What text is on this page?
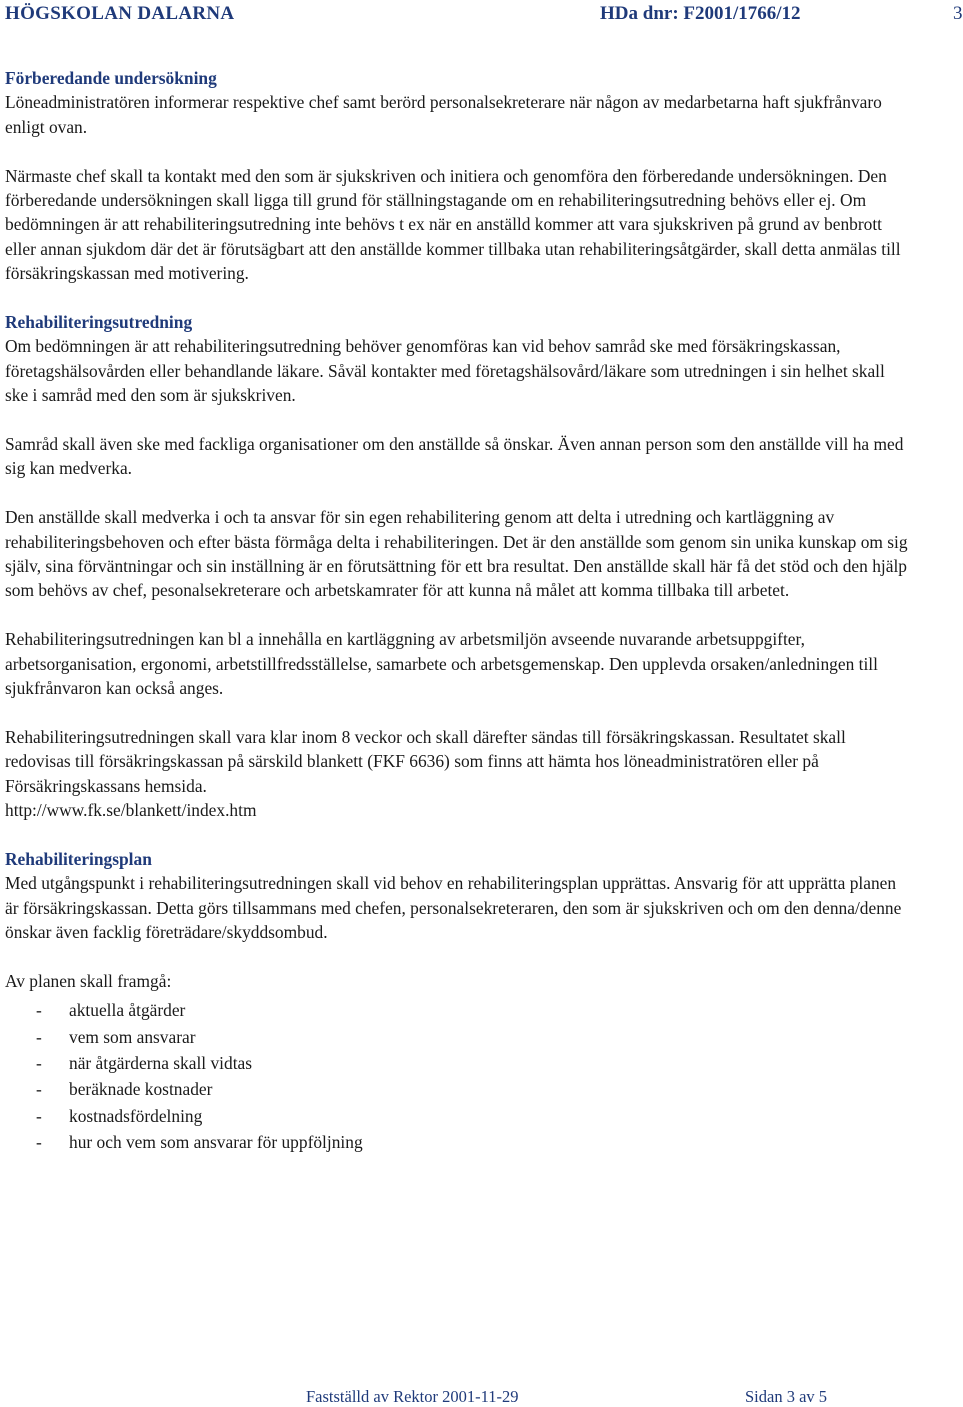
HÖGSKOLAN DALARNA	HDa dnr: F2001/1766/12	3
Förberedande undersökning

Löneadministratören informerar respektive chef samt berörd personalsekreterare när någon av medarbetarna haft sjukfrånvaro enligt ovan.

Närmaste chef skall ta kontakt med den som är sjukskriven och initiera och genomföra den förberedande undersökningen. Den förberedande undersökningen skall ligga till grund för ställningstagande om en rehabiliteringsutredning behövs eller ej. Om bedömningen är att rehabiliteringsutredning inte behövs t ex när en anställd kommer att vara sjukskriven på grund av benbrott eller annan sjukdom där det är förutsägbart att den anställde kommer tillbaka utan rehabiliteringsåtgärder, skall detta anmälas till försäkringskassan med motivering.

Rehabiliteringsutredning

Om bedömningen är att rehabiliteringsutredning behöver genomföras kan vid behov samråd ske med försäkringskassan, företagshälsovården eller behandlande läkare. Såväl kontakter med företagshälsovård/läkare som utredningen i sin helhet skall ske i samråd med den som är sjukskriven.

Samråd skall även ske med fackliga organisationer om den anställde så önskar. Även annan person som den anställde vill ha med sig kan medverka.

Den anställde skall medverka i och ta ansvar för sin egen rehabilitering genom att delta i utredning och kartläggning av rehabiliteringsbehoven och efter bästa förmåga delta i rehabiliteringen. Det är den anställde som genom sin unika kunskap om sig själv, sina förväntningar och sin inställning är en förutsättning för ett bra resultat. Den anställde skall här få det stöd och den hjälp som behövs av chef, pesonalsekreterare och arbetskamrater för att kunna nå målet att komma tillbaka till arbetet.

Rehabiliteringsutredningen kan bl a innehålla en kartläggning av arbetsmiljön avseende nuvarande arbetsuppgifter, arbetsorganisation, ergonomi, arbetstillfredsställelse, samarbete och arbetsgemenskap. Den upplevda orsaken/anledningen till sjukfrånvaron kan också anges.

Rehabiliteringsutredningen skall vara klar inom 8 veckor och skall därefter sändas till försäkringskassan. Resultatet skall redovisas till försäkringskassan på särskild blankett (FKF 6636) som finns att hämta hos löneadministratören eller på Försäkringskassans hemsida.

http://www.fk.se/blankett/index.htm

Rehabiliteringsplan

Med utgångspunkt i rehabiliteringsutredningen skall vid behov en rehabiliteringsplan upprättas. Ansvarig för att upprätta planen är försäkringskassan. Detta görs tillsammans med chefen, personalsekreteraren, den som är sjukskriven och om den denna/denne önskar även facklig företrädare/skyddsombud.

Av planen skall framgå:

- aktuella åtgärder
- vem som ansvarar
- när åtgärderna skall vidtas
- beräknade kostnader
- kostnadsfördelning
- hur och vem som ansvarar för uppföljning
Fastställd av Rektor 2001-11-29	Sidan 3 av 5
